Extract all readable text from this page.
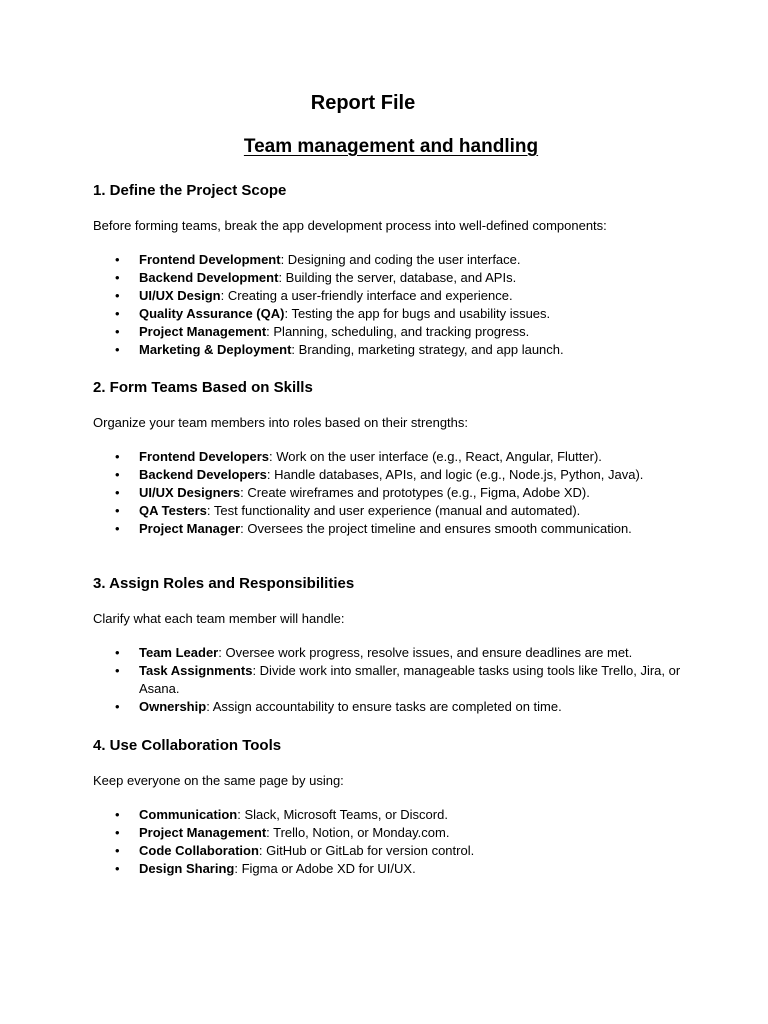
Report File
Team management and handling
1. Define the Project Scope

Before forming teams, break the app development process into well-defined components:

• Frontend Development: Designing and coding the user interface.
• Backend Development: Building the server, database, and APIs.
• UI/UX Design: Creating a user-friendly interface and experience.
• Quality Assurance (QA): Testing the app for bugs and usability issues.
• Project Management: Planning, scheduling, and tracking progress.
• Marketing & Deployment: Branding, marketing strategy, and app launch.
2. Form Teams Based on Skills

Organize your team members into roles based on their strengths:

• Frontend Developers: Work on the user interface (e.g., React, Angular, Flutter).
• Backend Developers: Handle databases, APIs, and logic (e.g., Node.js, Python, Java).
• UI/UX Designers: Create wireframes and prototypes (e.g., Figma, Adobe XD).
• QA Testers: Test functionality and user experience (manual and automated).
• Project Manager: Oversees the project timeline and ensures smooth communication.
3. Assign Roles and Responsibilities

Clarify what each team member will handle:

• Team Leader: Oversee work progress, resolve issues, and ensure deadlines are met.
• Task Assignments: Divide work into smaller, manageable tasks using tools like Trello, Jira, or Asana.
• Ownership: Assign accountability to ensure tasks are completed on time.
4. Use Collaboration Tools

Keep everyone on the same page by using:

• Communication: Slack, Microsoft Teams, or Discord.
• Project Management: Trello, Notion, or Monday.com.
• Code Collaboration: GitHub or GitLab for version control.
• Design Sharing: Figma or Adobe XD for UI/UX.
